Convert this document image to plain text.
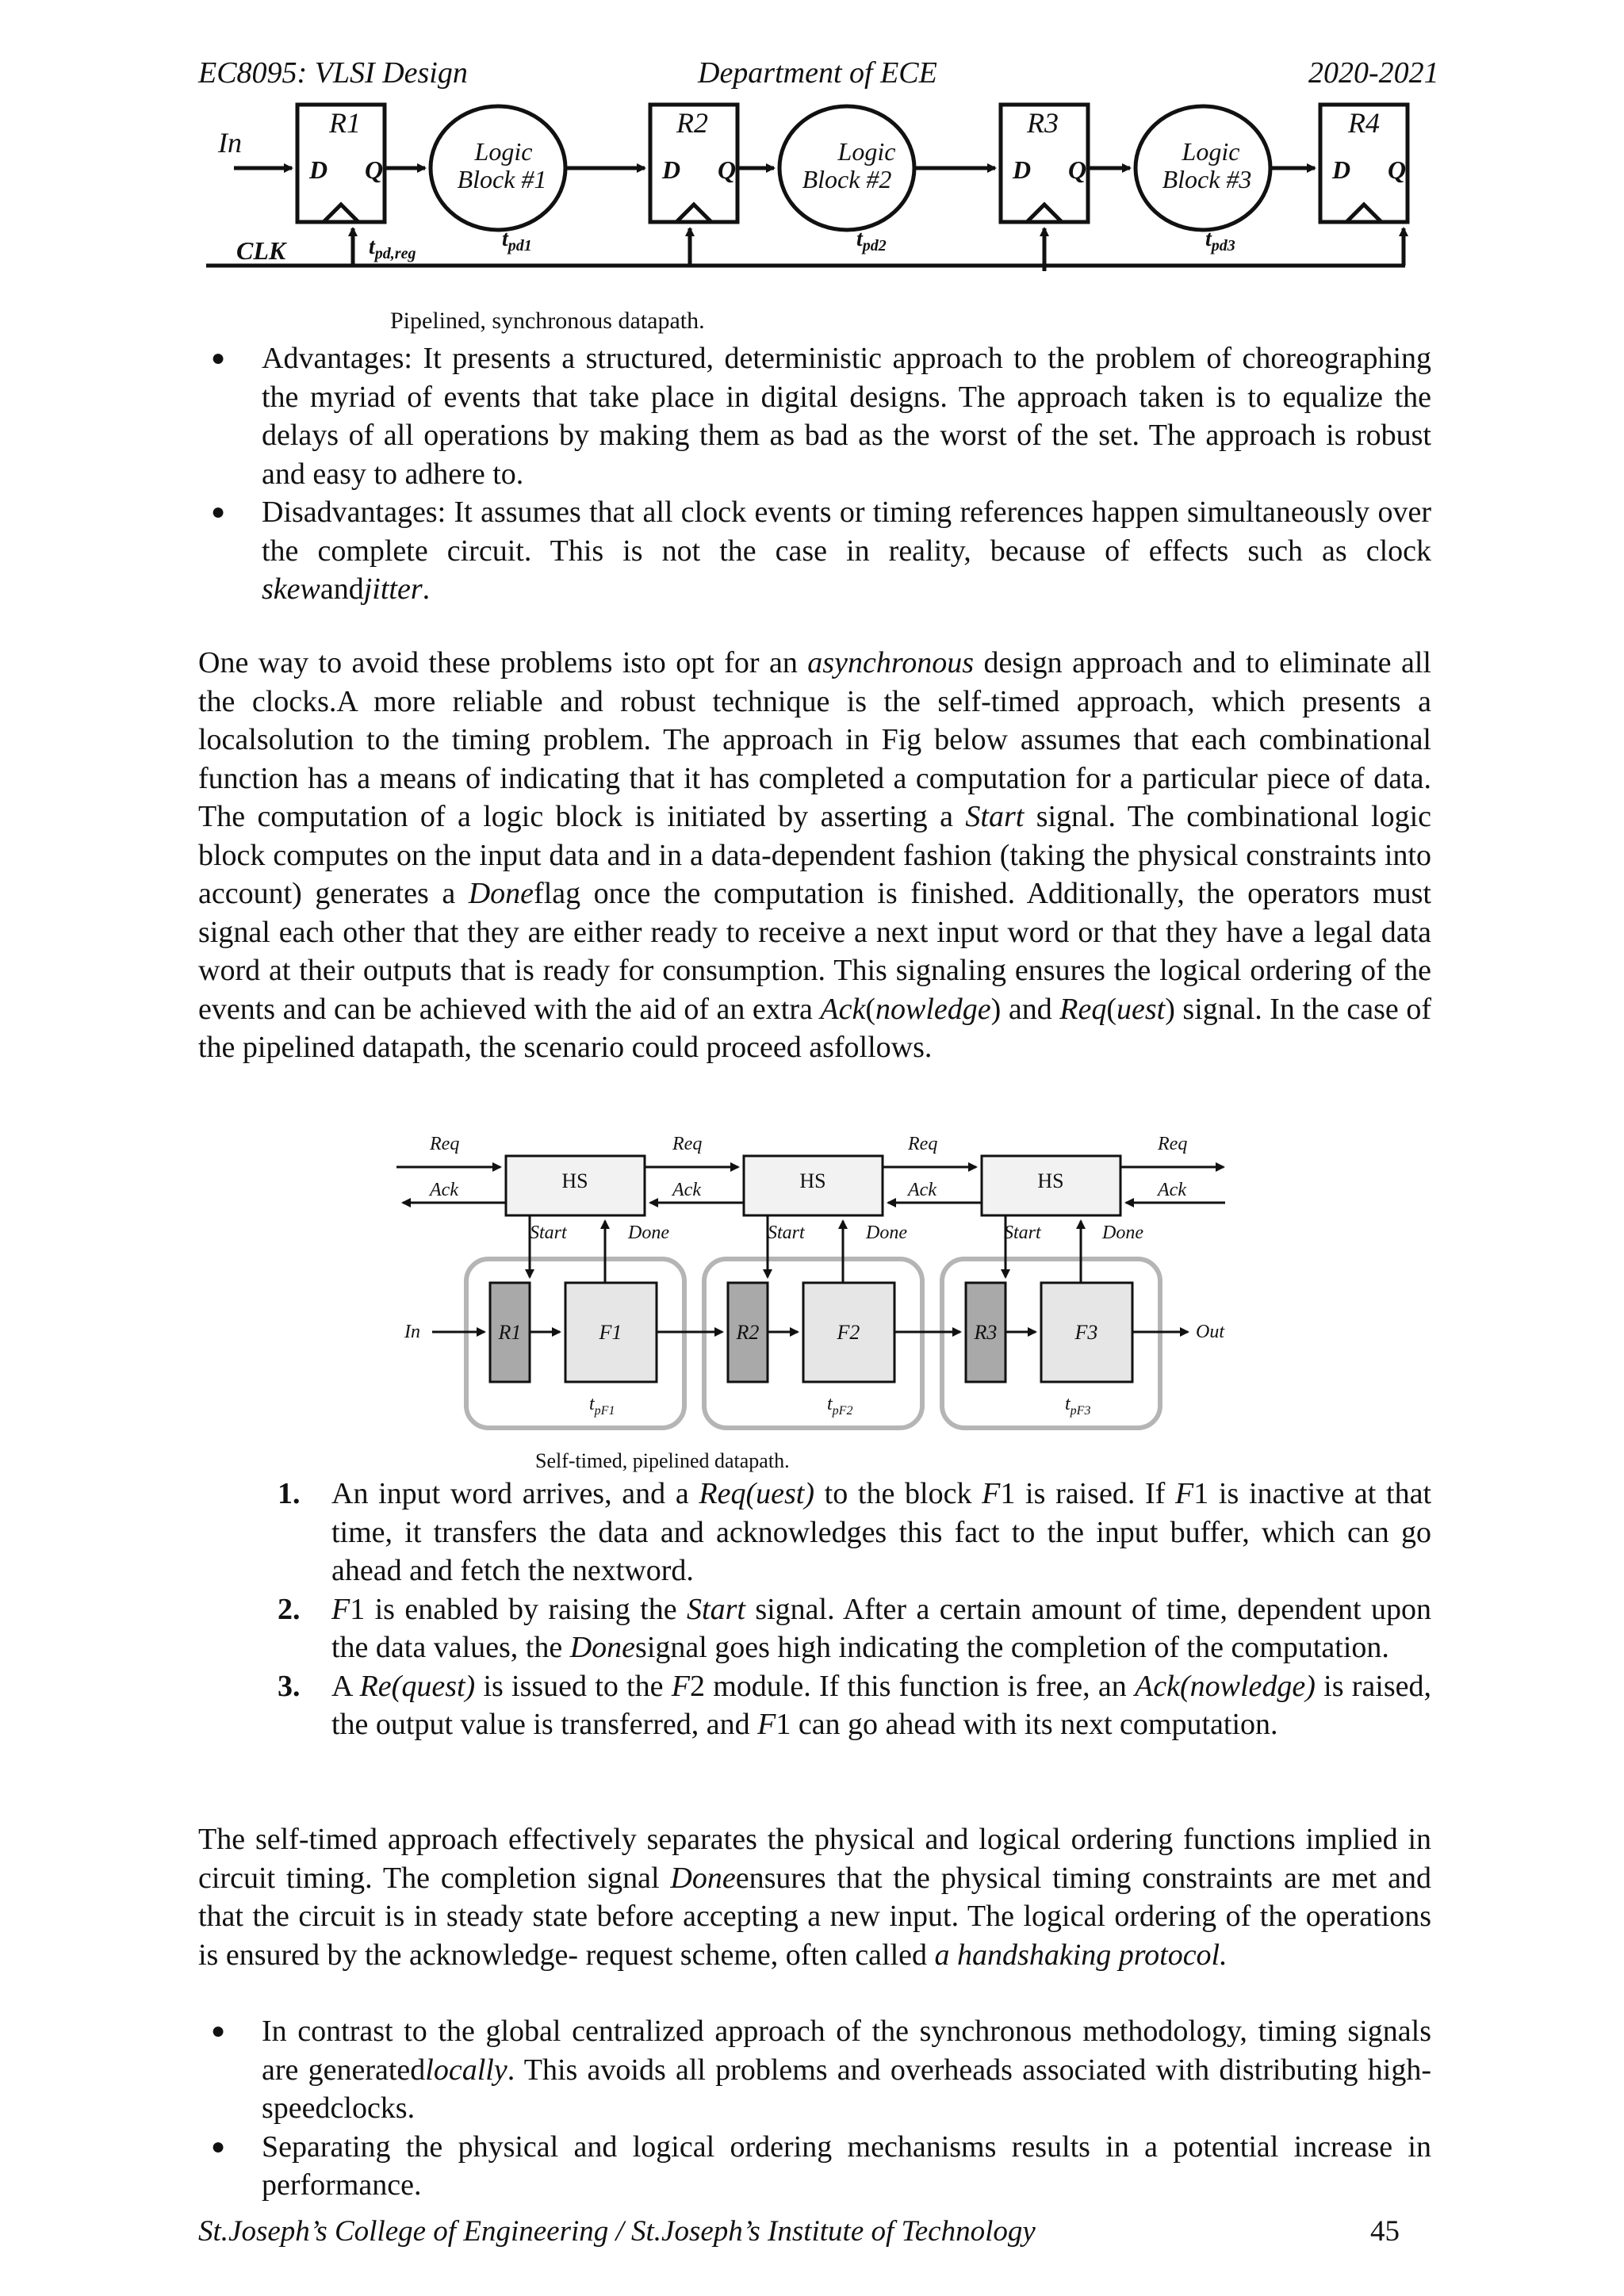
EC8095: VLSI Design	Department of ECE	2020-2021
In
R1	R2	R3	R4
D Q	D Q	D Q	D Q
Logic
Block #1
Logic
Block #2
Logic
Block #3
CLK	$t_{pd,reg}$
$t_{pd1}$	$t_{pd2}$	$t_{pd3}$
Pipelined, synchronous datapath.
● Advantages: It presents a structured, deterministic approach to the problem of choreographing the myriad of events that take place in digital designs. The approach taken is to equalize the delays of all operations by making them as bad as the worst of the set. The approach is robust and easy to adhere to.
● Disadvantages: It assumes that all clock events or timing references happen simultaneously over the complete circuit. This is not the case in reality, because of effects such as clock skewandjitter.

One way to avoid these problems isto opt for an asynchronous design approach and to eliminate all the clocks.A more reliable and robust technique is the self-timed approach, which presents a localsolution to the timing problem. The approach in Fig below assumes that each combinational function has a means of indicating that it has completed a computation for a particular piece of data. The computation of a logic block is initiated by asserting a Start signal. The combinational logic block computes on the input data and in a data-dependent fashion (taking the physical constraints into account) generates a Doneflag once the computation is finished. Additionally, the operators must signal each other that they are either ready to receive a next input word or that they have a legal data word at their outputs that is ready for consumption. This signaling ensures the logical ordering of the events and can be achieved with the aid of an extra Ack(nowledge) and Req(uest) signal. In the case of the pipelined datapath, the scenario could proceed asfollows.

Req	Req	Req	Req
Ack	Ack	Ack	Ack
Start	Start	Start
Done	Done	Done
In	Out
HS	HS	HS
R1	R2	R3
F1	F2	F3
$t_{pF1}$	$t_{pF2}$	$t_{pF3}$
Self-timed, pipelined datapath.
1. An input word arrives, and a Req(uest) to the block F1 is raised. If F1 is inactive at that time, it transfers the data and acknowledges this fact to the input buffer, which can go ahead and fetch the nextword.
2. F1 is enabled by raising the Start signal. After a certain amount of time, dependent upon the data values, the Donesignal goes high indicating the completion of the computation.
3. A Re(quest) is issued to the F2 module. If this function is free, an Ack(nowledge) is raised, the output value is transferred, and F1 can go ahead with its next computation.

The self-timed approach effectively separates the physical and logical ordering functions implied in circuit timing. The completion signal Doneensures that the physical timing constraints are met and that the circuit is in steady state before accepting a new input. The logical ordering of the operations is ensured by the acknowledge- request scheme, often called a handshaking protocol.

● In contrast to the global centralized approach of the synchronous methodology, timing signals are generatedlocally. This avoids all problems and overheads associated with distributing high-speedclocks.
● Separating the physical and logical ordering mechanisms results in a potential increase in performance.
St.Joseph’s College of Engineering / St.Joseph’s Institute of Technology	45
